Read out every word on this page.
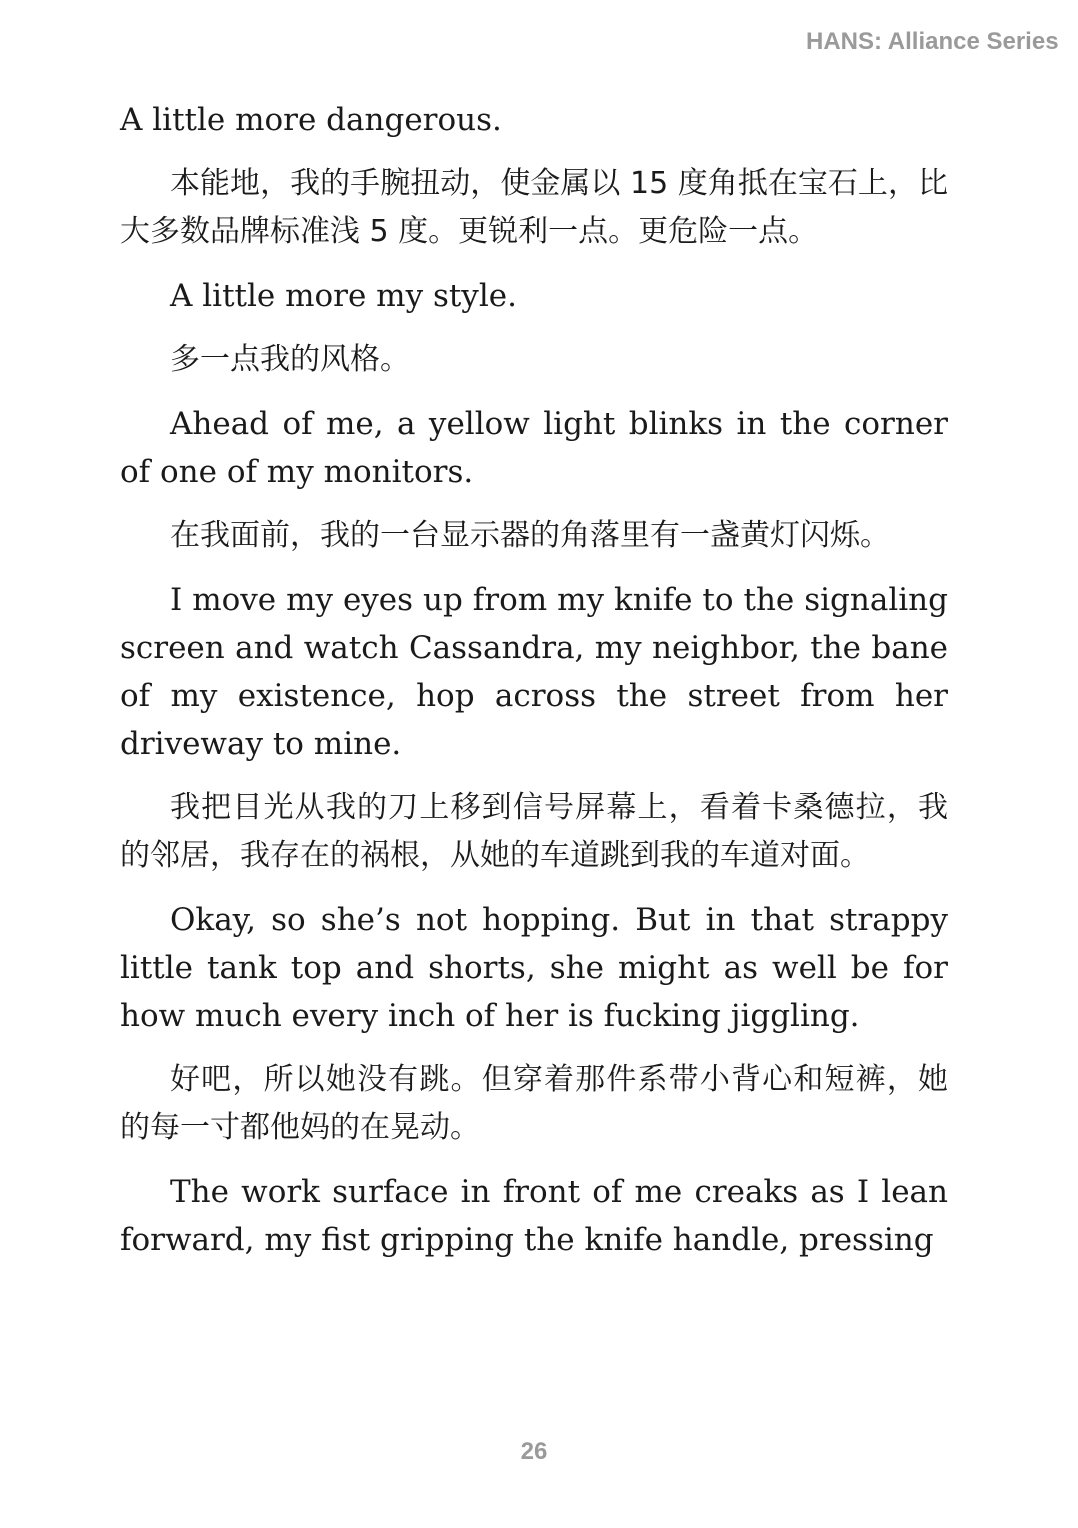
HANS: Alliance Series

A little more dangerous.

本能地，我的手腕扭动，使金属以 15 度角抵在宝石上，比大多数品牌标准浅 5 度。更锐利一点。更危险一点。

A little more my style.

多一点我的风格。

Ahead of me, a yellow light blinks in the corner of one of my monitors.

在我面前，我的一台显示器的角落里有一盏黄灯闪烁。

I move my eyes up from my knife to the signaling screen and watch Cassandra, my neighbor, the bane of my existence, hop across the street from her driveway to mine.

我把目光从我的刀上移到信号屏幕上，看着卡桑德拉，我的邻居，我存在的祸根，从她的车道跳到我的车道对面。

Okay, so she’s not hopping. But in that strappy little tank top and shorts, she might as well be for how much every inch of her is fucking jiggling.

好吧，所以她没有跳。但穿着那件系带小背心和短裤，她的每一寸都他妈的在晃动。

The work surface in front of me creaks as I lean forward, my fist gripping the knife handle, pressing

26
